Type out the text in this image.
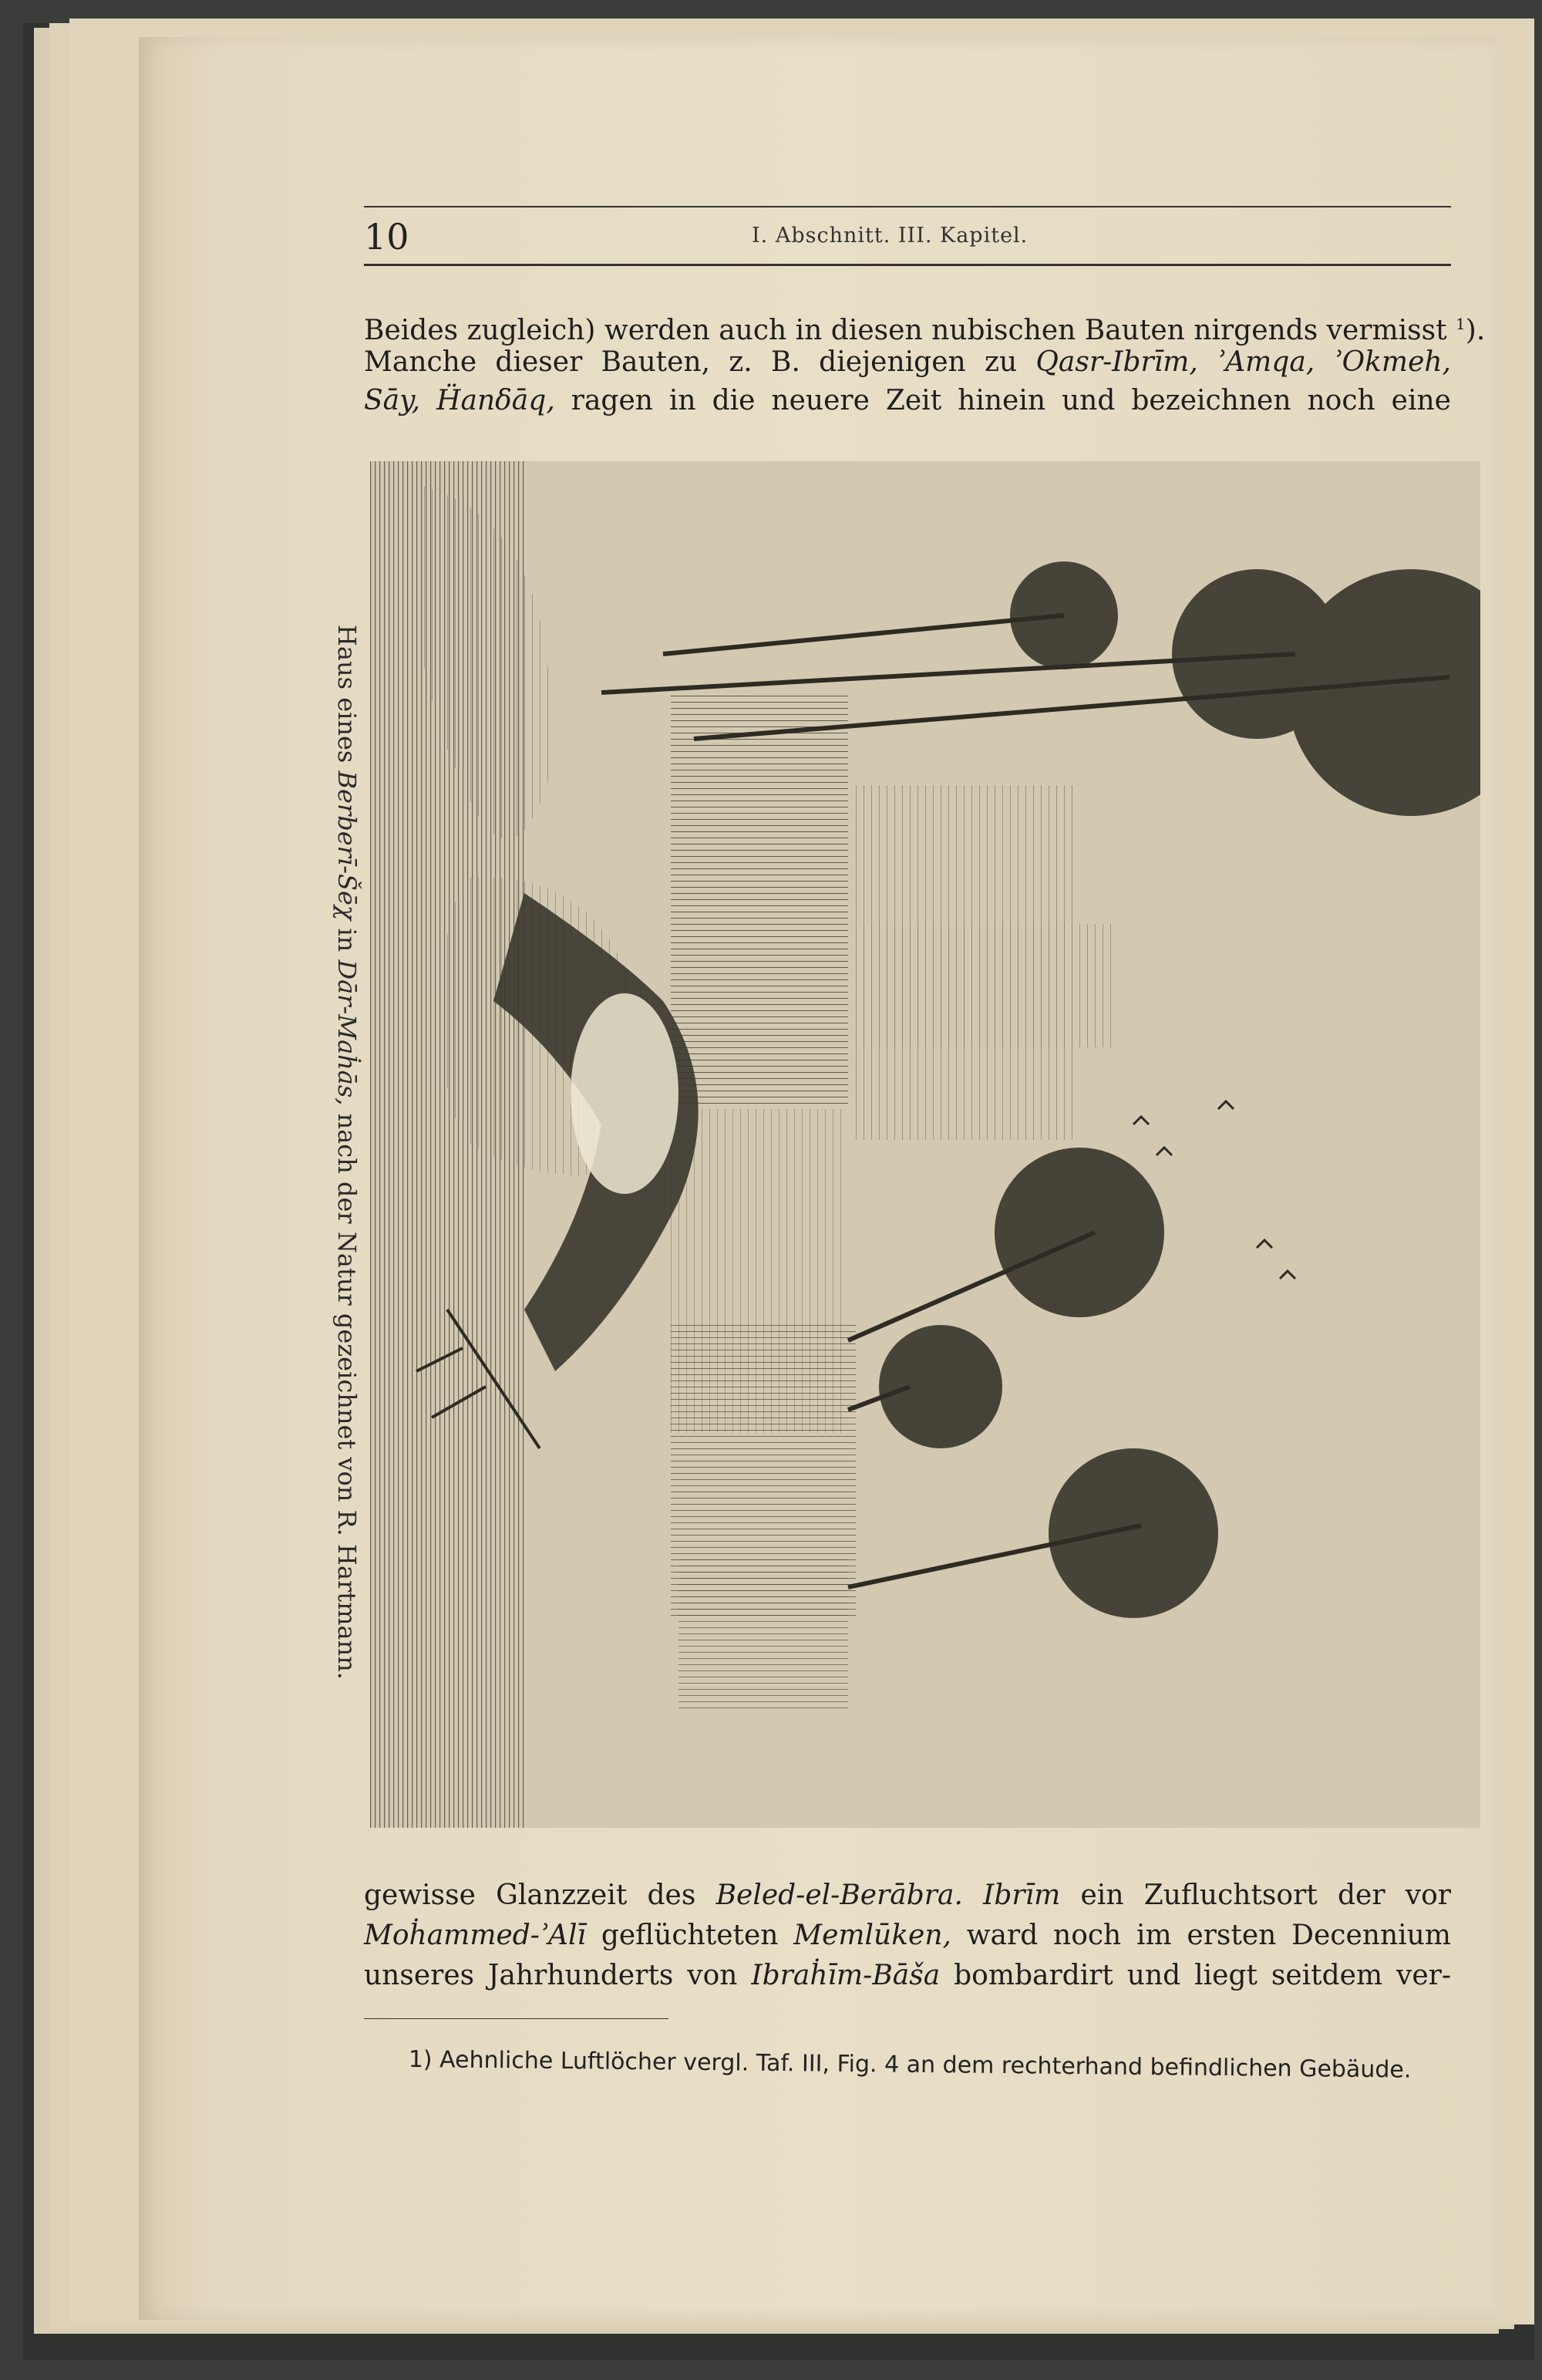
10	I. Abschnitt. III. Kapitel.
Beides zugleich) werden auch in diesen nubischen Bauten nirgends vermisst $^1$).
Manche dieser Bauten, z. B. diejenigen zu Qasr-Ibrīm, ʾAmqa, ʾOkmeh,
Sāy, Ḧanδāq, ragen in die neuere Zeit hinein und bezeichnen noch eine
Haus eines Berberī-Šēχ in Dār-Maḣās, nach der Natur gezeichnet von R. Hartmann.
gewisse Glanzzeit des Beled-el-Berābra. Ibrīm ein Zufluchtsort der vor
Moḣammed-ʾAlī geflüchteten Memlūken, ward noch im ersten Decennium
unseres Jahrhunderts von Ibraḣīm-Bāša bombardirt und liegt seitdem ver-
1) Aehnliche Luftlöcher vergl. Taf. III, Fig. 4 an dem rechterhand befindlichen Gebäude.
